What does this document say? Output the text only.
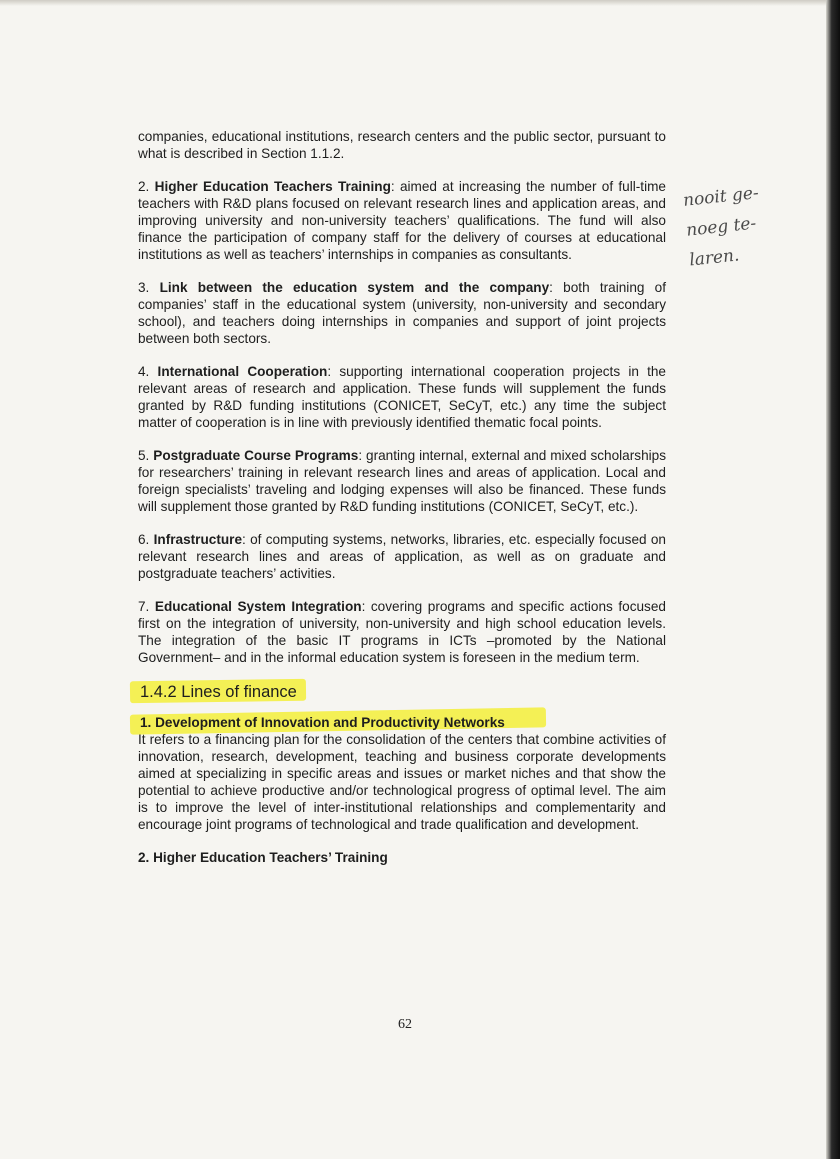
companies, educational institutions, research centers and the public sector, pursuant to what is described in Section 1.1.2.

2. Higher Education Teachers Training: aimed at increasing the number of full-time teachers with R&D plans focused on relevant research lines and application areas, and improving university and non-university teachers’ qualifications. The fund will also finance the participation of company staff for the delivery of courses at educational institutions as well as teachers’ internships in companies as consultants.

3. Link between the education system and the company: both training of companies’ staff in the educational system (university, non-university and secondary school), and teachers doing internships in companies and support of joint projects between both sectors.

4. International Cooperation: supporting international cooperation projects in the relevant areas of research and application. These funds will supplement the funds granted by R&D funding institutions (CONICET, SeCyT, etc.) any time the subject matter of cooperation is in line with previously identified thematic focal points.

5. Postgraduate Course Programs: granting internal, external and mixed scholarships for researchers’ training in relevant research lines and areas of application. Local and foreign specialists’ traveling and lodging expenses will also be financed. These funds will supplement those granted by R&D funding institutions (CONICET, SeCyT, etc.).

6. Infrastructure: of computing systems, networks, libraries, etc. especially focused on relevant research lines and areas of application, as well as on graduate and postgraduate teachers’ activities.

7. Educational System Integration: covering programs and specific actions focused first on the integration of university, non-university and high school education levels. The integration of the basic IT programs in ICTs –promoted by the National Government– and in the informal education system is foreseen in the medium term.

1.4.2 Lines of finance
1. Development of Innovation and Productivity Networks

It refers to a financing plan for the consolidation of the centers that combine activities of innovation, research, development, teaching and business corporate developments aimed at specializing in specific areas and issues or market niches and that show the potential to achieve productive and/or technological progress of optimal level. The aim is to improve the level of inter-institutional relationships and complementarity and encourage joint programs of technological and trade qualification and development.

2. Higher Education Teachers’ Training
62
nooit ge-
noeg te-
laren.
